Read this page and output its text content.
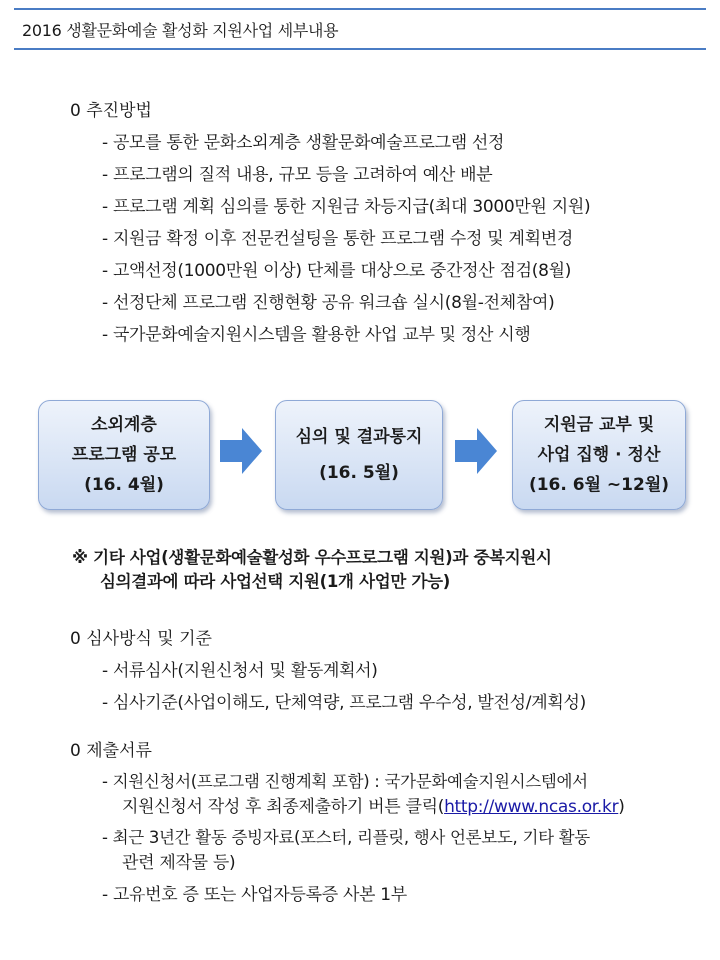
2016 생활문화예술 활성화 지원사업 세부내용
0 추진방법
- 공모를 통한 문화소외계층 생활문화예술프로그램 선정
- 프로그램의 질적 내용, 규모 등을 고려하여 예산 배분
- 프로그램 계획 심의를 통한 지원금 차등지급(최대 3000만원 지원)
- 지원금 확정 이후 전문컨설팅을 통한 프로그램 수정 및 계획변경
- 고액선정(1000만원 이상) 단체를 대상으로 중간정산 점검(8월)
- 선정단체 프로그램 진행현황 공유 워크숍 실시(8월-전체참여)
- 국가문화예술지원시스템을 활용한 사업 교부 및 정산 시행
소외계층
프로그램 공모
(16. 4월)
심의 및 결과통지
(16. 5월)
지원금 교부 및
사업 집행 · 정산
(16. 6월 ~12월)
※ 기타 사업(생활문화예술활성화 우수프로그램 지원)과 중복지원시
심의결과에 따라 사업선택 지원(1개 사업만 가능)
0 심사방식 및 기준
- 서류심사(지원신청서 및 활동계획서)
- 심사기준(사업이해도, 단체역량, 프로그램 우수성, 발전성/계획성)
0 제출서류
- 지원신청서(프로그램 진행계획 포함) : 국가문화예술지원시스템에서
지원신청서 작성 후 최종제출하기 버튼 클릭(http://www.ncas.or.kr)
- 최근 3년간 활동 증빙자료(포스터, 리플릿, 행사 언론보도, 기타 활동
관련 제작물 등)
- 고유번호 증 또는 사업자등록증 사본 1부
